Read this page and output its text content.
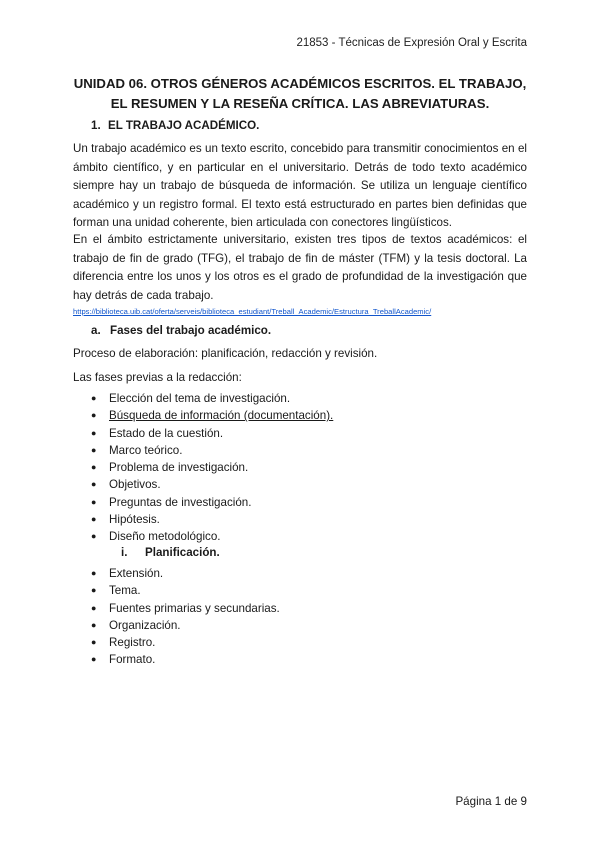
21853 - Técnicas de Expresión Oral y Escrita
UNIDAD 06. OTROS GÉNEROS ACADÉMICOS ESCRITOS. EL TRABAJO,
EL RESUMEN Y LA RESEÑA CRÍTICA. LAS ABREVIATURAS.
1. EL TRABAJO ACADÉMICO.
Un trabajo académico es un texto escrito, concebido para transmitir conocimientos en el ámbito científico, y en particular en el universitario. Detrás de todo texto académico siempre hay un trabajo de búsqueda de información. Se utiliza un lenguaje científico académico y un registro formal. El texto está estructurado en partes bien definidas que forman una unidad coherente, bien articulada con conectores lingüísticos.
En el ámbito estrictamente universitario, existen tres tipos de textos académicos: el trabajo de fin de grado (TFG), el trabajo de fin de máster (TFM) y la tesis doctoral. La diferencia entre los unos y los otros es el grado de profundidad de la investigación que hay detrás de cada trabajo.
https://biblioteca.uib.cat/oferta/serveis/biblioteca_estudiant/Treball_Academic/Estructura_TreballAcademic/
a. Fases del trabajo académico.
Proceso de elaboración: planificación, redacción y revisión.
Las fases previas a la redacción:
● Elección del tema de investigación.
● Búsqueda de información (documentación).
● Estado de la cuestión.
● Marco teórico.
● Problema de investigación.
● Objetivos.
● Preguntas de investigación.
● Hipótesis.
● Diseño metodológico.
i. Planificación.
● Extensión.
● Tema.
● Fuentes primarias y secundarias.
● Organización.
● Registro.
● Formato.
Página 1 de 9
